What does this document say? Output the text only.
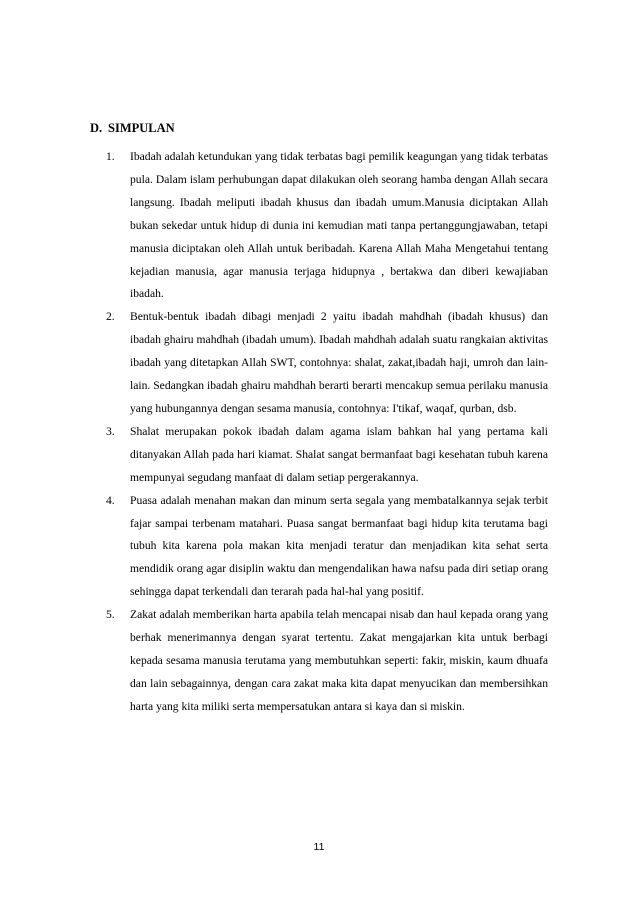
D. SIMPULAN
1. Ibadah adalah ketundukan yang tidak terbatas bagi pemilik keagungan yang tidak terbatas pula. Dalam islam perhubungan dapat dilakukan oleh seorang hamba dengan Allah secara langsung. Ibadah meliputi ibadah khusus dan ibadah umum.Manusia diciptakan Allah bukan sekedar untuk hidup di dunia ini kemudian mati tanpa pertanggungjawaban, tetapi manusia diciptakan oleh Allah untuk beribadah. Karena Allah Maha Mengetahui tentang kejadian manusia, agar manusia terjaga hidupnya , bertakwa dan diberi kewajiaban ibadah.
2. Bentuk-bentuk ibadah dibagi menjadi 2 yaitu ibadah mahdhah (ibadah khusus) dan ibadah ghairu mahdhah (ibadah umum). Ibadah mahdhah adalah suatu rangkaian aktivitas ibadah yang ditetapkan Allah SWT, contohnya: shalat, zakat,ibadah haji, umroh dan lain-lain. Sedangkan ibadah ghairu mahdhah berarti berarti mencakup semua perilaku manusia yang hubungannya dengan sesama manusia, contohnya: I'tikaf, waqaf, qurban, dsb.
3. Shalat merupakan pokok ibadah dalam agama islam bahkan hal yang pertama kali ditanyakan Allah pada hari kiamat. Shalat sangat bermanfaat bagi kesehatan tubuh karena mempunyai segudang manfaat di dalam setiap pergerakannya.
4. Puasa adalah menahan makan dan minum serta segala yang membatalkannya sejak terbit fajar sampai terbenam matahari. Puasa sangat bermanfaat bagi hidup kita terutama bagi tubuh kita karena pola makan kita menjadi teratur dan menjadikan kita sehat serta mendidik orang agar disiplin waktu dan mengendalikan hawa nafsu pada diri setiap orang sehingga dapat terkendali dan terarah pada hal-hal yang positif.
5. Zakat adalah memberikan harta apabila telah mencapai nisab dan haul kepada orang yang berhak menerimannya dengan syarat tertentu. Zakat mengajarkan kita untuk berbagi kepada sesama manusia terutama yang membutuhkan seperti: fakir, miskin, kaum dhuafa dan lain sebagainnya, dengan cara zakat maka kita dapat menyucikan dan membersihkan harta yang kita miliki serta mempersatukan antara si kaya dan si miskin.
11
